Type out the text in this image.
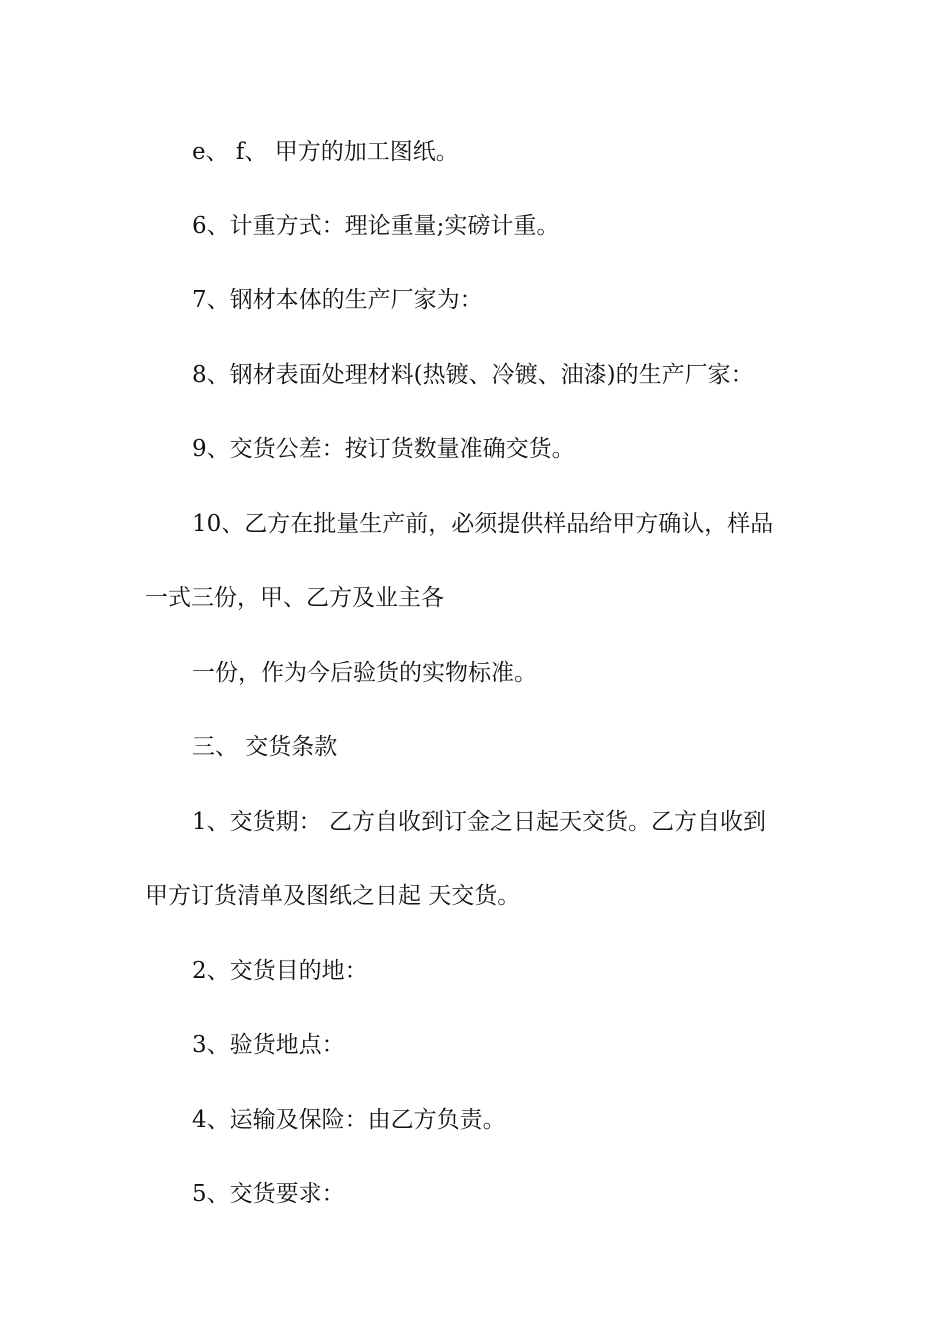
e、 f、 甲方的加工图纸。
6、计重方式：理论重量;实磅计重。
7、钢材本体的生产厂家为：
8、钢材表面处理材料(热镀、冷镀、油漆)的生产厂家：
9、交货公差：按订货数量准确交货。
10、乙方在批量生产前，必须提供样品给甲方确认，样品
一式三份，甲、乙方及业主各
一份，作为今后验货的实物标准。
三、 交货条款
1、交货期： 乙方自收到订金之日起天交货。乙方自收到
甲方订货清单及图纸之日起 天交货。
2、交货目的地：
3、验货地点：
4、运输及保险：由乙方负责。
5、交货要求：
